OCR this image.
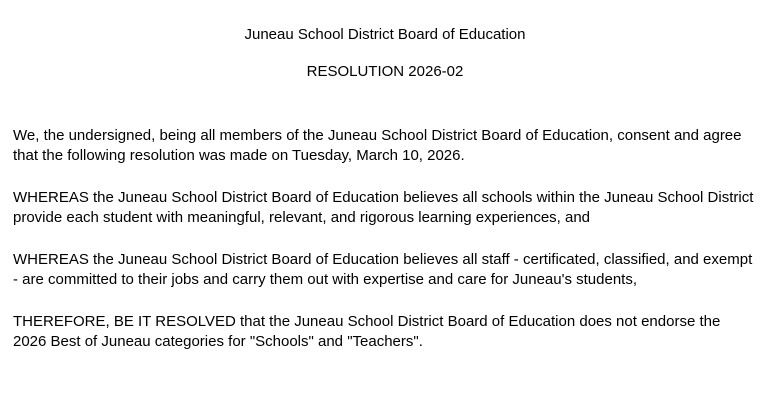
Juneau School District Board of Education
RESOLUTION 2026-02

We, the undersigned, being all members of the Juneau School District Board of Education, consent and agree that the following resolution was made on Tuesday, March 10, 2026.

WHEREAS the Juneau School District Board of Education believes all schools within the Juneau School District provide each student with meaningful, relevant, and rigorous learning experiences, and

WHEREAS the Juneau School District Board of Education believes all staff - certificated, classified, and exempt - are committed to their jobs and carry them out with expertise and care for Juneau's students,

THEREFORE, BE IT RESOLVED that the Juneau School District Board of Education does not endorse the 2026 Best of Juneau categories for "Schools" and "Teachers".
